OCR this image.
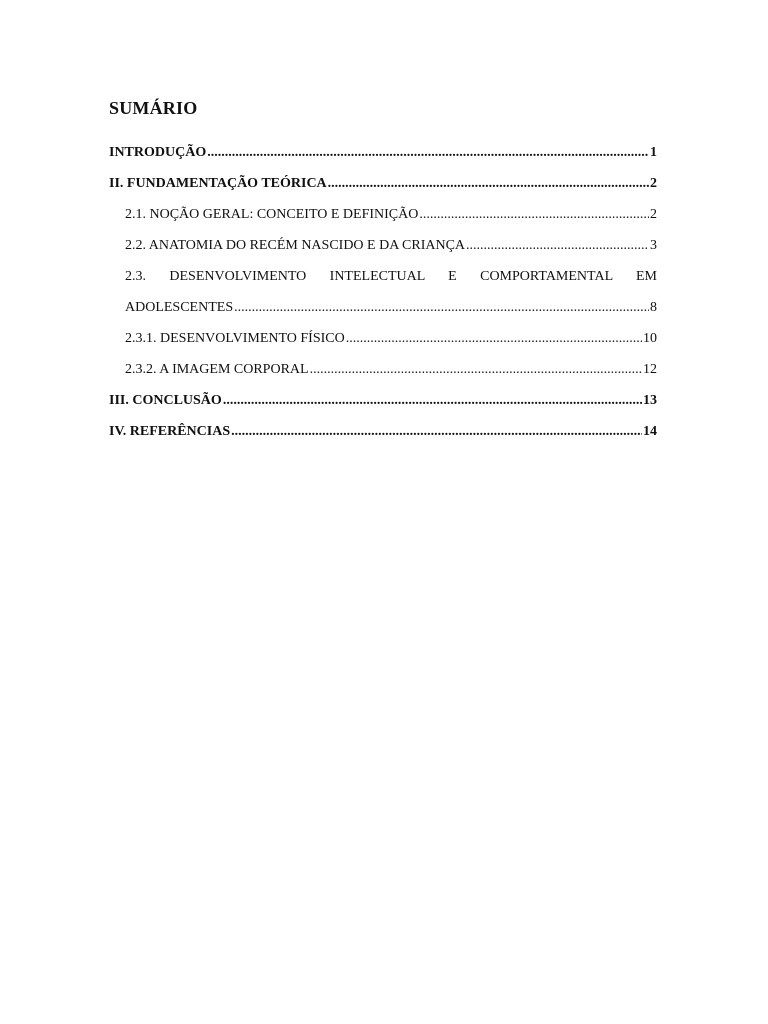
SUMÁRIO
INTRODUÇÃO .....	1
II. FUNDAMENTAÇÃO TEÓRICA .....	2
2.1. NOÇÃO GERAL: CONCEITO E DEFINIÇÃO .....	2
2.2. ANATOMIA DO RECÉM NASCIDO E DA CRIANÇA .....	3
2.3. DESENVOLVIMENTO INTELECTUAL E COMPORTAMENTAL EM
ADOLESCENTES .....	8
2.3.1. DESENVOLVIMENTO FÍSICO .....	10
2.3.2. A IMAGEM CORPORAL .....	12
III. CONCLUSÃO .....	13
IV. REFERÊNCIAS .....	14
